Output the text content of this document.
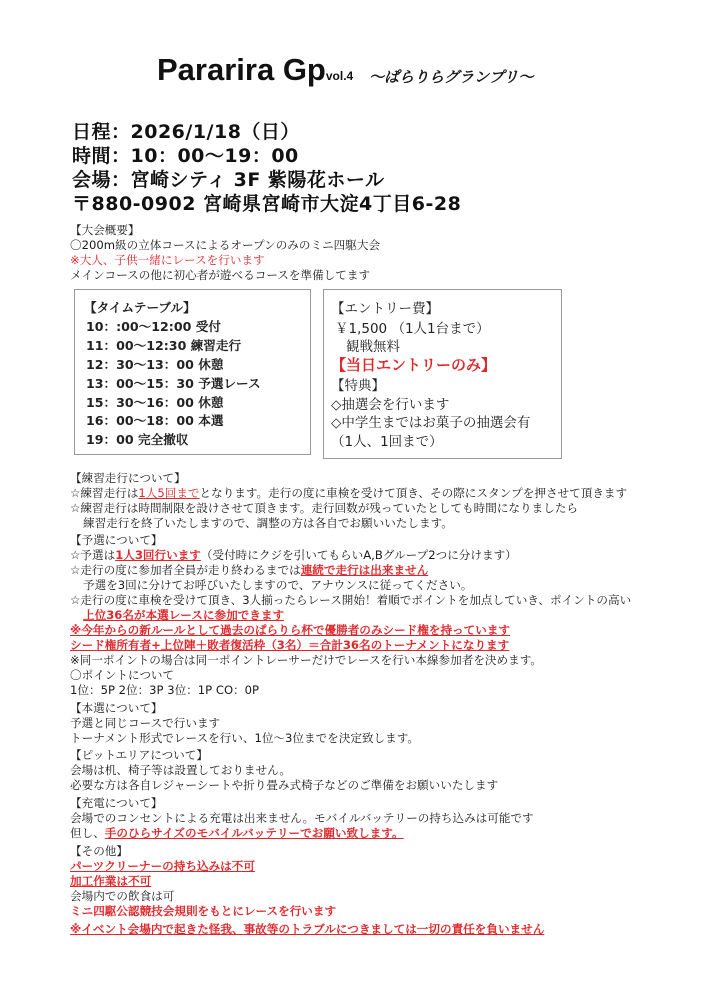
Pararira Gpvol.4 ～ぱらりらグランプリ～
日程：2026/1/18（日）
時間：10：00～19：00
会場：宮崎シティ 3F 紫陽花ホール
〒880-0902 宮崎県宮崎市大淀4丁目6-28
【大会概要】
〇200m級の立体コースによるオープンのみのミニ四駆大会
※大人、子供一緒にレースを行います
メインコースの他に初心者が遊べるコースを準備してます
【タイムテーブル】
10：:00～12:00 受付
11：00～12:30 練習走行
12：30～13：00 休憩
13：00～15：30 予選レース
15：30～16：00 休憩
16：00～18：00 本選
19：00 完全撤収
【エントリー費】
￥1,500 （1人1台まで）
観戦無料
【当日エントリーのみ】
【特典】
◇抽選会を行います
◇中学生まではお菓子の抽選会有
（1人、1回まで）
【練習走行について】
☆練習走行は1人5回までとなります。走行の度に車検を受けて頂き、その際にスタンプを押させて頂きます
☆練習走行は時間制限を設けさせて頂きます。走行回数が残っていたとしても時間になりましたら
練習走行を終了いたしますので、調整の方は各自でお願いいたします。
【予選について】
☆予選は1人3回行います（受付時にクジを引いてもらいA,Bグループ2つに分けます）
☆走行の度に参加者全員が走り終わるまでは連続で走行は出来ません
予選を3回に分けてお呼びいたしますので、アナウンスに従ってください。
☆走行の度に車検を受けて頂き、3人揃ったらレース開始！着順でポイントを加点していき、ポイントの高い
上位36名が本選レースに参加できます
※今年からの新ルールとして過去のぱらりら杯で優勝者のみシード権を持っています
シード権所有者+上位陣＋敗者復活枠（3名）＝合計36名のトーナメントになります
※同一ポイントの場合は同一ポイントレーサーだけでレースを行い本線参加者を決めます。
〇ポイントについて
1位：5P 2位：3P 3位：1P CO：0P
【本選について】
予選と同じコースで行います
トーナメント形式でレースを行い、1位～3位までを決定致します。
【ピットエリアについて】
会場は机、椅子等は設置しておりません。
必要な方は各自レジャーシートや折り畳み式椅子などのご準備をお願いいたします
【充電について】
会場でのコンセントによる充電は出来ません。モバイルバッテリーの持ち込みは可能です
但し、手のひらサイズのモバイルバッテリーでお願い致します。
【その他】
パーツクリーナーの持ち込みは不可
加工作業は不可
会場内での飲食は可
ミニ四駆公認競技会規則をもとにレースを行います
※イベント会場内で起きた怪我、事故等のトラブルにつきましては一切の責任を負いません
